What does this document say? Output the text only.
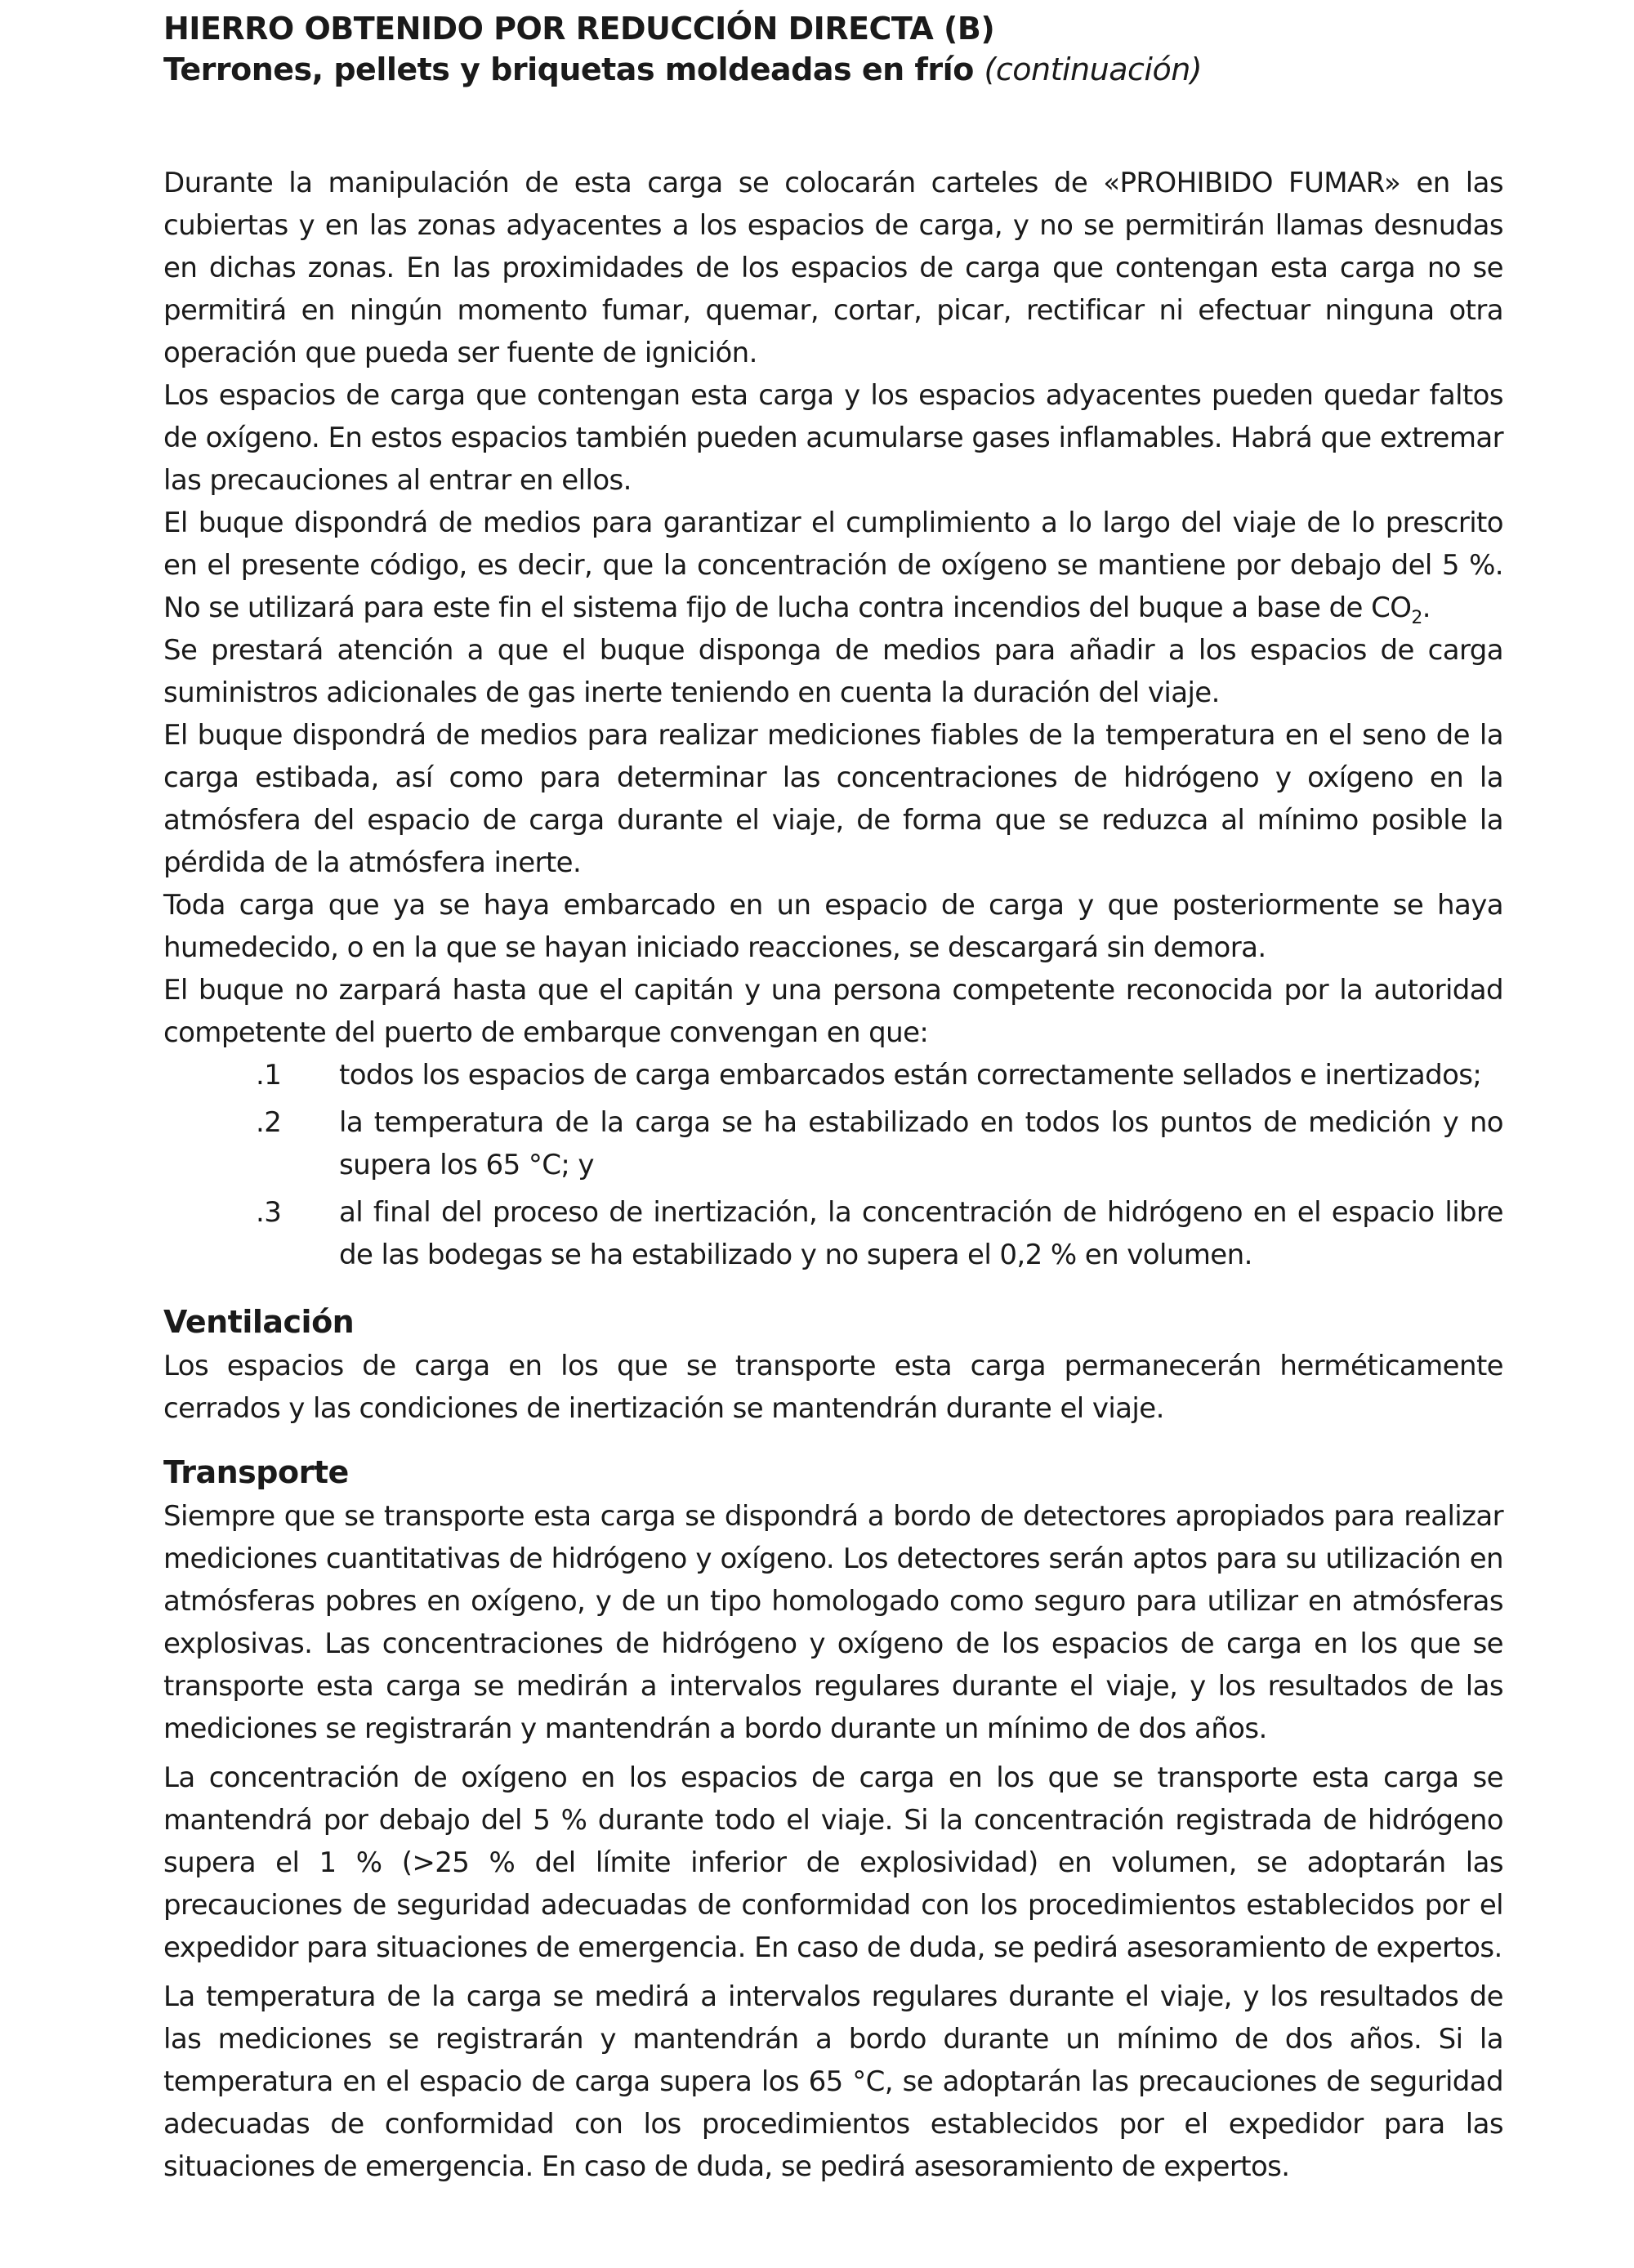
HIERRO OBTENIDO POR REDUCCIÓN DIRECTA (B)
Terrones, pellets y briquetas moldeadas en frío (continuación)

Durante la manipulación de esta carga se colocarán carteles de «PROHIBIDO FUMAR» en las cubiertas y en las zonas adyacentes a los espacios de carga, y no se permitirán llamas desnudas en dichas zonas. En las proximidades de los espacios de carga que contengan esta carga no se permitirá en ningún momento fumar, quemar, cortar, picar, rectificar ni efectuar ninguna otra operación que pueda ser fuente de ignición.

Los espacios de carga que contengan esta carga y los espacios adyacentes pueden quedar faltos de oxígeno. En estos espacios también pueden acumularse gases inflamables. Habrá que extremar las precauciones al entrar en ellos.

El buque dispondrá de medios para garantizar el cumplimiento a lo largo del viaje de lo prescrito en el presente código, es decir, que la concentración de oxígeno se mantiene por debajo del 5 %. No se utilizará para este fin el sistema fijo de lucha contra incendios del buque a base de $CO_2$.

Se prestará atención a que el buque disponga de medios para añadir a los espacios de carga suministros adicionales de gas inerte teniendo en cuenta la duración del viaje.

El buque dispondrá de medios para realizar mediciones fiables de la temperatura en el seno de la carga estibada, así como para determinar las concentraciones de hidrógeno y oxígeno en la atmósfera del espacio de carga durante el viaje, de forma que se reduzca al mínimo posible la pérdida de la atmósfera inerte.

Toda carga que ya se haya embarcado en un espacio de carga y que posteriormente se haya humedecido, o en la que se hayan iniciado reacciones, se descargará sin demora.

El buque no zarpará hasta que el capitán y una persona competente reconocida por la autoridad competente del puerto de embarque convengan en que:

.1	todos los espacios de carga embarcados están correctamente sellados e inertizados;
.2	la temperatura de la carga se ha estabilizado en todos los puntos de medición y no supera los 65 °C; y
.3	al final del proceso de inertización, la concentración de hidrógeno en el espacio libre de las bodegas se ha estabilizado y no supera el 0,2 % en volumen.
Ventilación

Los espacios de carga en los que se transporte esta carga permanecerán herméticamente cerrados y las condiciones de inertización se mantendrán durante el viaje.

Transporte

Siempre que se transporte esta carga se dispondrá a bordo de detectores apropiados para realizar mediciones cuantitativas de hidrógeno y oxígeno. Los detectores serán aptos para su utilización en atmósferas pobres en oxígeno, y de un tipo homologado como seguro para utilizar en atmósferas explosivas. Las concentraciones de hidrógeno y oxígeno de los espacios de carga en los que se transporte esta carga se medirán a intervalos regulares durante el viaje, y los resultados de las mediciones se registrarán y mantendrán a bordo durante un mínimo de dos años.

La concentración de oxígeno en los espacios de carga en los que se transporte esta carga se mantendrá por debajo del 5 % durante todo el viaje. Si la concentración registrada de hidrógeno supera el 1 % (>25 % del límite inferior de explosividad) en volumen, se adoptarán las precauciones de seguridad adecuadas de conformidad con los procedimientos establecidos por el expedidor para situaciones de emergencia. En caso de duda, se pedirá asesoramiento de expertos.

La temperatura de la carga se medirá a intervalos regulares durante el viaje, y los resultados de las mediciones se registrarán y mantendrán a bordo durante un mínimo de dos años. Si la temperatura en el espacio de carga supera los 65 °C, se adoptarán las precauciones de seguridad adecuadas de conformidad con los procedimientos establecidos por el expedidor para las situaciones de emergencia. En caso de duda, se pedirá asesoramiento de expertos.
